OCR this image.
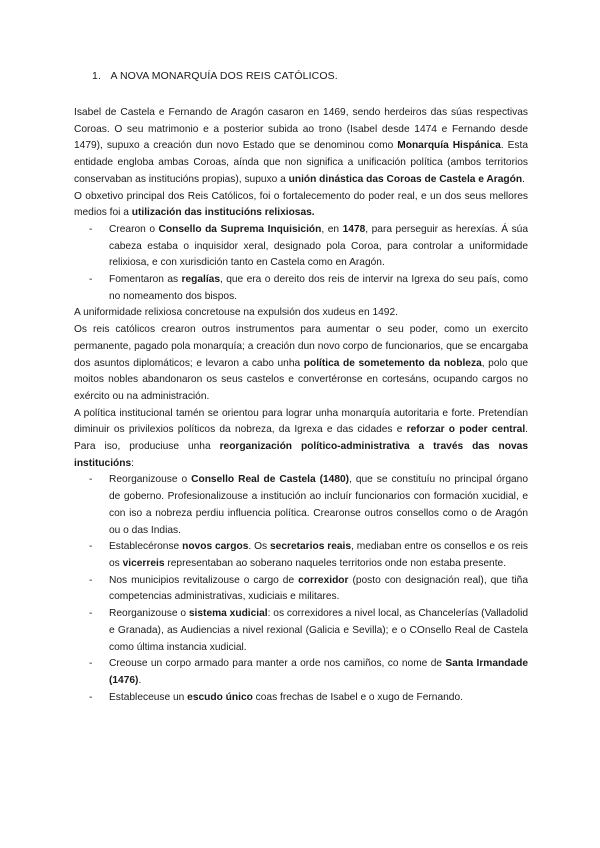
1. A NOVA MONARQUÍA DOS REIS CATÓLICOS.

Isabel de Castela e Fernando de Aragón casaron en 1469, sendo herdeiros das súas respectivas Coroas. O seu matrimonio e a posterior subida ao trono (Isabel desde 1474 e Fernando desde 1479), supuxo a creación dun novo Estado que se denominou como Monarquía Hispánica. Esta entidade engloba ambas Coroas, aínda que non significa a unificación política (ambos territorios conservaban as institucións propias), supuxo a unión dinástica das Coroas de Castela e Aragón.

O obxetivo principal dos Reis Católicos, foi o fortalecemento do poder real, e un dos seus mellores medios foi a utilización das institucións relixiosas.

- Crearon o Consello da Suprema Inquisición, en 1478, para perseguir as herexías. Á súa cabeza estaba o inquisidor xeral, designado pola Coroa, para controlar a uniformidade relixiosa, e con xurisdición tanto en Castela como en Aragón.
- Fomentaron as regalías, que era o dereito dos reis de intervir na Igrexa do seu país, como no nomeamento dos bispos.

A uniformidade relixiosa concretouse na expulsión dos xudeus en 1492.

Os reis católicos crearon outros instrumentos para aumentar o seu poder, como un exercito permanente, pagado pola monarquía; a creación dun novo corpo de funcionarios, que se encargaba dos asuntos diplomáticos; e levaron a cabo unha política de sometemento da nobleza, polo que moitos nobles abandonaron os seus castelos e convertéronse en cortesáns, ocupando cargos no exército ou na administración.

A política institucional tamén se orientou para lograr unha monarquía autoritaria e forte. Pretendían diminuir os privilexios políticos da nobreza, da Igrexa e das cidades e reforzar o poder central. Para iso, produciuse unha reorganización político-administrativa a través das novas institucións:

- Reorganizouse o Consello Real de Castela (1480), que se constituíu no principal órgano de goberno. Profesionalizouse a institución ao incluír funcionarios con formación xucidial, e con iso a nobreza perdiu influencia política. Crearonse outros consellos como o de Aragón ou o das Indias.
- Establecéronse novos cargos. Os secretarios reais, mediaban entre os consellos e os reis os vicerreis representaban ao soberano naqueles territorios onde non estaba presente.
- Nos municipios revitalizouse o cargo de correxidor (posto con designación real), que tiña competencias administrativas, xudiciais e militares.
- Reorganizouse o sistema xudicial: os correxidores a nivel local, as Chancelerías (Valladolid e Granada), as Audiencias a nivel rexional (Galicia e Sevilla); e o COnsello Real de Castela como última instancia xudicial.
- Creouse un corpo armado para manter a orde nos camiños, co nome de Santa Irmandade (1476).
- Estableceuse un escudo único coas frechas de Isabel e o xugo de Fernando.
